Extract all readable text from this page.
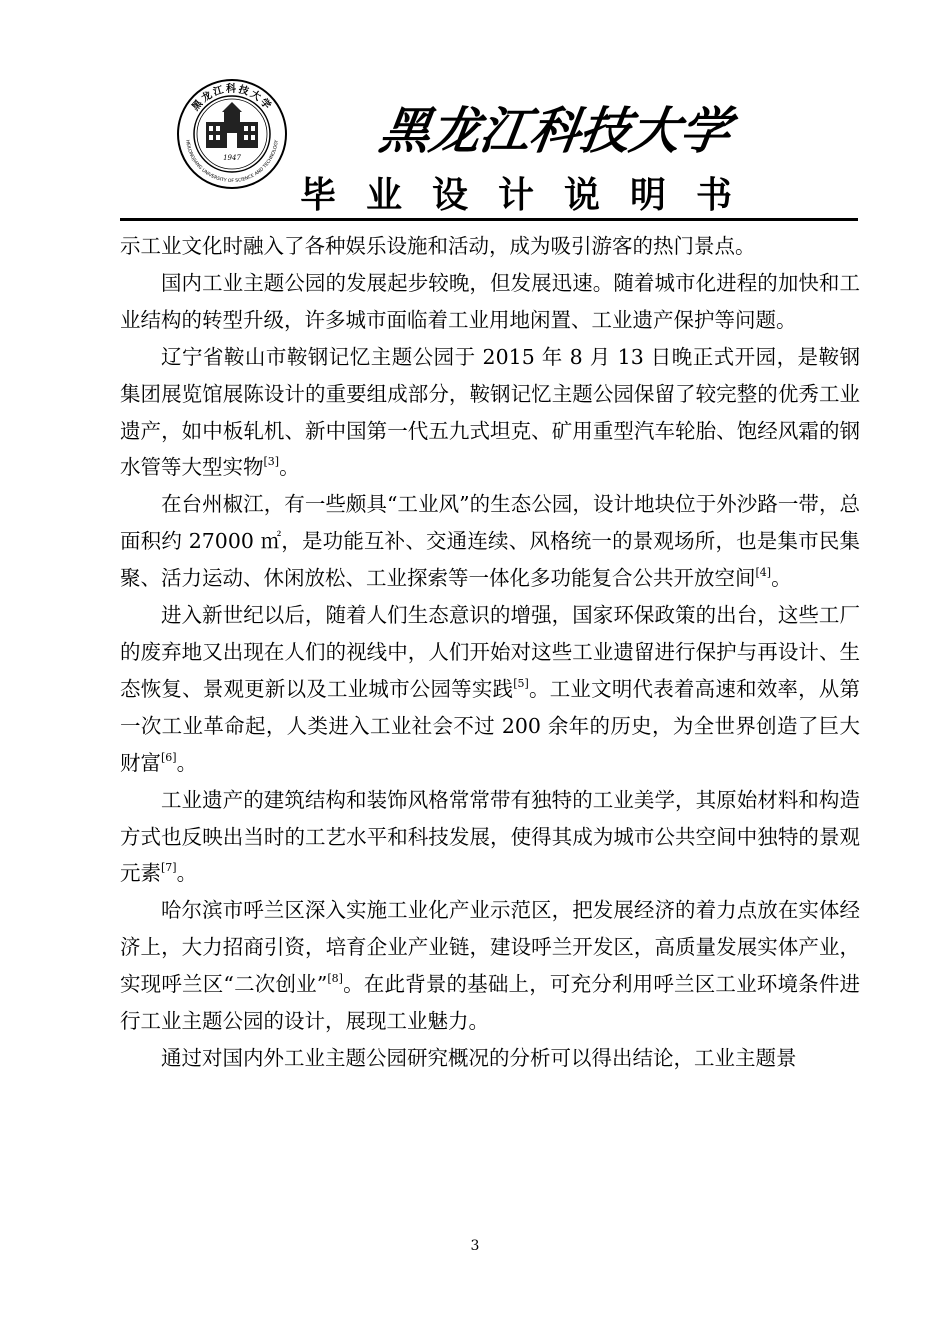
1947
黑龙江科技大学
HEILONGJIANG UNIVERSITY OF SCIENCE AND TECHNOLOGY 黑龙江科技大学
毕业设计说明书

示工业文化时融入了各种娱乐设施和活动，成为吸引游客的热门景点。

国内工业主题公园的发展起步较晚，但发展迅速。随着城市化进程的加快和工业结构的转型升级，许多城市面临着工业用地闲置、工业遗产保护等问题。

辽宁省鞍山市鞍钢记忆主题公园于 2015 年 8 月 13 日晚正式开园，是鞍钢集团展览馆展陈设计的重要组成部分，鞍钢记忆主题公园保留了较完整的优秀工业遗产，如中板轧机、新中国第一代五九式坦克、矿用重型汽车轮胎、饱经风霜的钢水管等大型实物[3]。

在台州椒江，有一些颇具“工业风”的生态公园，设计地块位于外沙路一带，总面积约 27000 ㎡，是功能互补、交通连续、风格统一的景观场所，也是集市民集聚、活力运动、休闲放松、工业探索等一体化多功能复合公共开放空间[4]。

进入新世纪以后，随着人们生态意识的增强，国家环保政策的出台，这些工厂的废弃地又出现在人们的视线中，人们开始对这些工业遗留进行保护与再设计、生态恢复、景观更新以及工业城市公园等实践[5]。工业文明代表着高速和效率，从第一次工业革命起，人类进入工业社会不过 200 余年的历史，为全世界创造了巨大财富[6]。

工业遗产的建筑结构和装饰风格常常带有独特的工业美学，其原始材料和构造方式也反映出当时的工艺水平和科技发展，使得其成为城市公共空间中独特的景观元素[7]。

哈尔滨市呼兰区深入实施工业化产业示范区，把发展经济的着力点放在实体经济上，大力招商引资，培育企业产业链，建设呼兰开发区，高质量发展实体产业，实现呼兰区“二次创业”[8]。在此背景的基础上，可充分利用呼兰区工业环境条件进行工业主题公园的设计，展现工业魅力。

通过对国内外工业主题公园研究概况的分析可以得出结论，工业主题景

3
